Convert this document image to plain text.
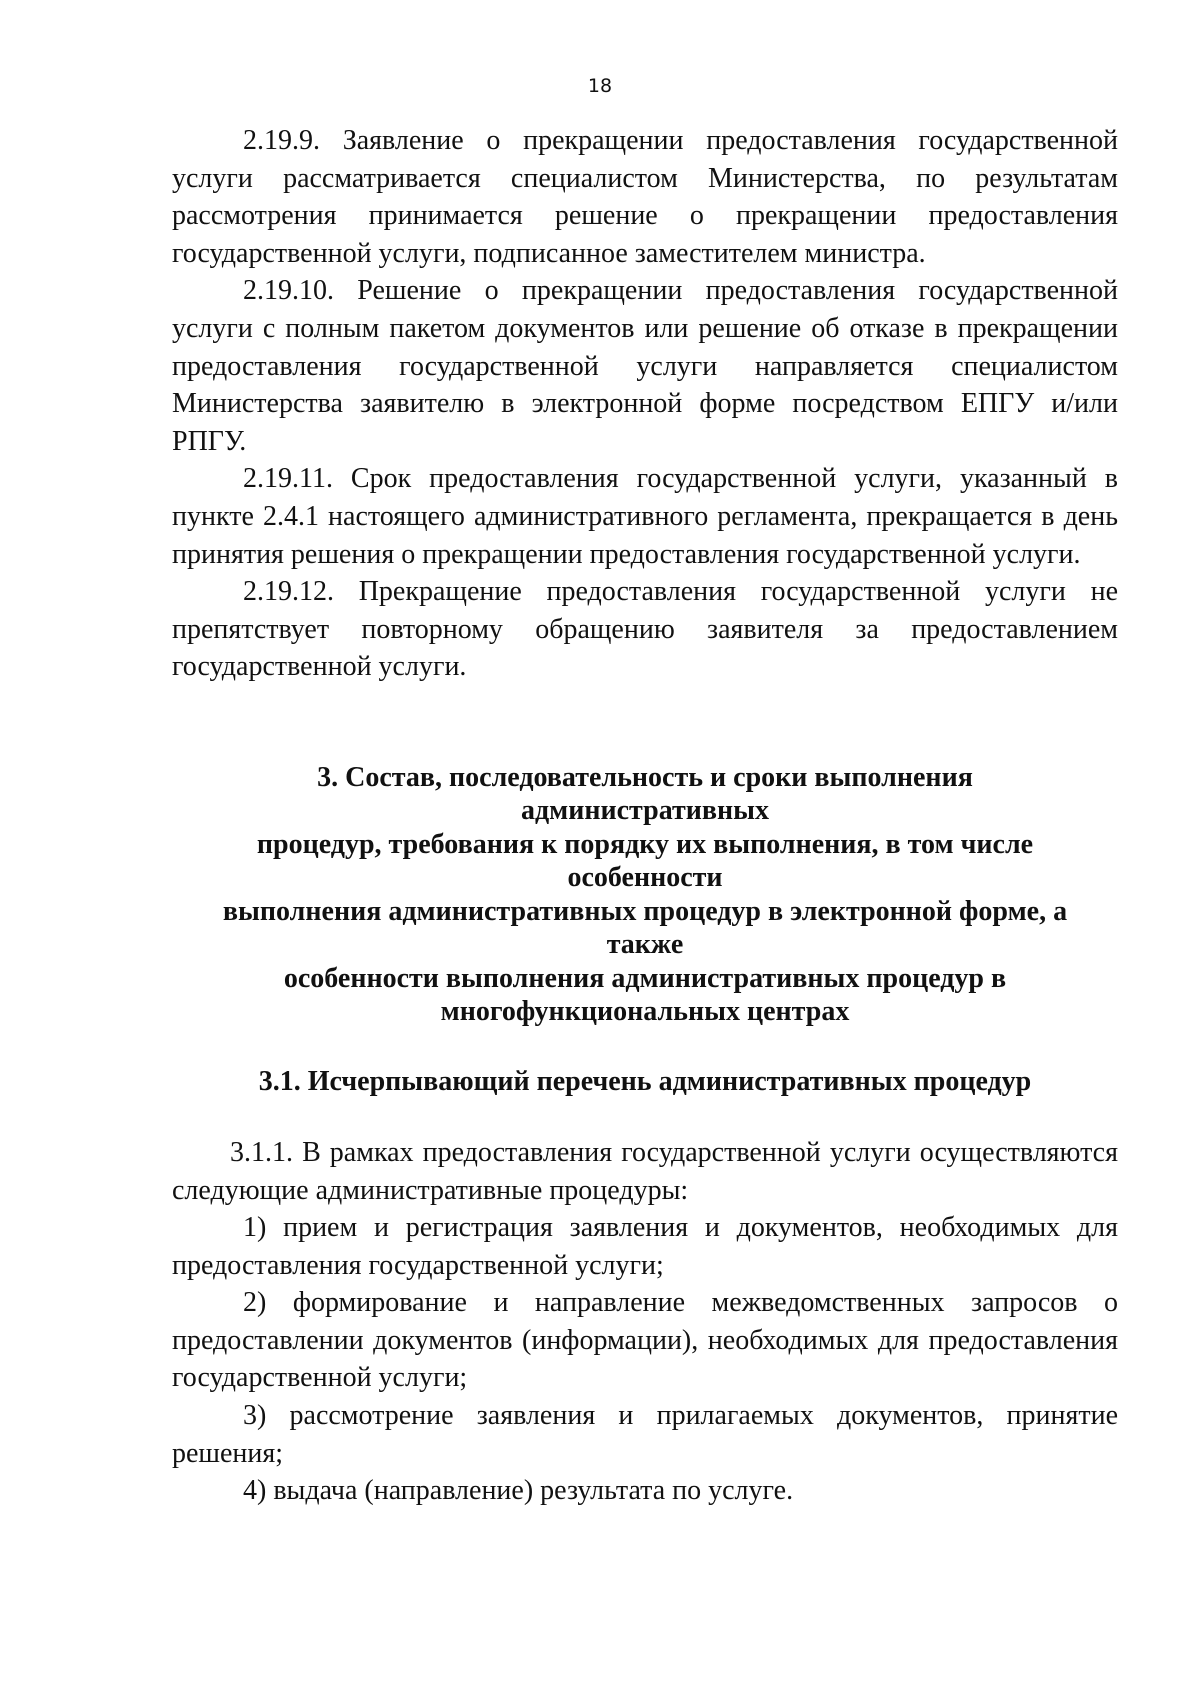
18

2.19.9. Заявление о прекращении предоставления государственной услуги рассматривается специалистом Министерства, по результатам рассмотрения принимается решение о прекращении предоставления государственной услуги, подписанное заместителем министра.

2.19.10. Решение о прекращении предоставления государственной услуги с полным пакетом документов или решение об отказе в прекращении предоставления государственной услуги направляется специалистом Министерства заявителю в электронной форме посредством ЕПГУ и/или РПГУ.

2.19.11. Срок предоставления государственной услуги, указанный в пункте 2.4.1 настоящего административного регламента, прекращается в день принятия решения о прекращении предоставления государственной услуги.

2.19.12. Прекращение предоставления государственной услуги не препятствует повторному обращению заявителя за предоставлением государственной услуги.

3. Состав, последовательность и сроки выполнения административных
процедур, требования к порядку их выполнения, в том числе особенности
выполнения административных процедур в электронной форме, а также
особенности выполнения административных процедур в
многофункциональных центрах
3.1. Исчерпывающий перечень административных процедур

3.1.1. В рамках предоставления государственной услуги осуществляются следующие административные процедуры:

1) прием и регистрация заявления и документов, необходимых для предоставления государственной услуги;

2) формирование и направление межведомственных запросов о предоставлении документов (информации), необходимых для предоставления государственной услуги;

3) рассмотрение заявления и прилагаемых документов, принятие решения;

4) выдача (направление) результата по услуге.
